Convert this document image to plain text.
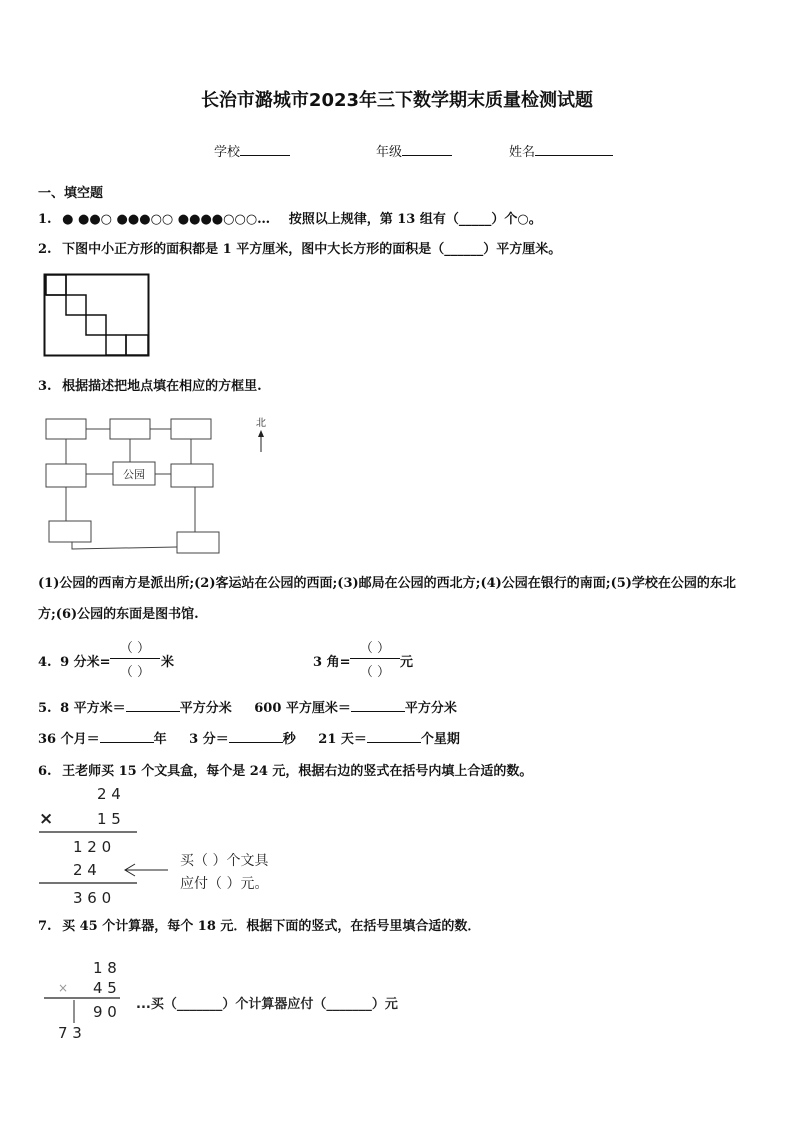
长治市潞城市2023年三下数学期末质量检测试题
学校	年级	姓名
一、填空题
1. ● ●●○ ●●●○○ ●●●●○○○… 按照以上规律，第 13 组有（_____）个○。
2. 下图中小正方形的面积都是 1 平方厘米，图中大长方形的面积是（______）平方厘米。
3. 根据描述把地点填在相应的方框里.
公园
北
(1)公园的西南方是派出所;(2)客运站在公园的西面;(3)邮局在公园的西北方;(4)公园在银行的南面;(5)学校在公园的东北
方;(6)公园的东面是图书馆.
4. 9 分米=
（ ）
（ ）
米	3 角=
（ ）
（ ）
元
5. 8 平方米＝	平方分米 600 平方厘米＝	平方分米
36 个月＝	年 3 分＝	秒 21 天＝	个星期
6. 王老师买 15 个文具盒，每个是 24 元，根据右边的竖式在括号内填上合适的数。
2 4
×	1 5
1 2 0
2 4
3 6 0
买（ ）个文具
应付（ ）元。
7. 买 45 个计算器，每个 18 元．根据下面的竖式，在括号里填合适的数．
1 8
× 4 5
9 0
7 3
...买（_______）个计算器应付（_______）元
